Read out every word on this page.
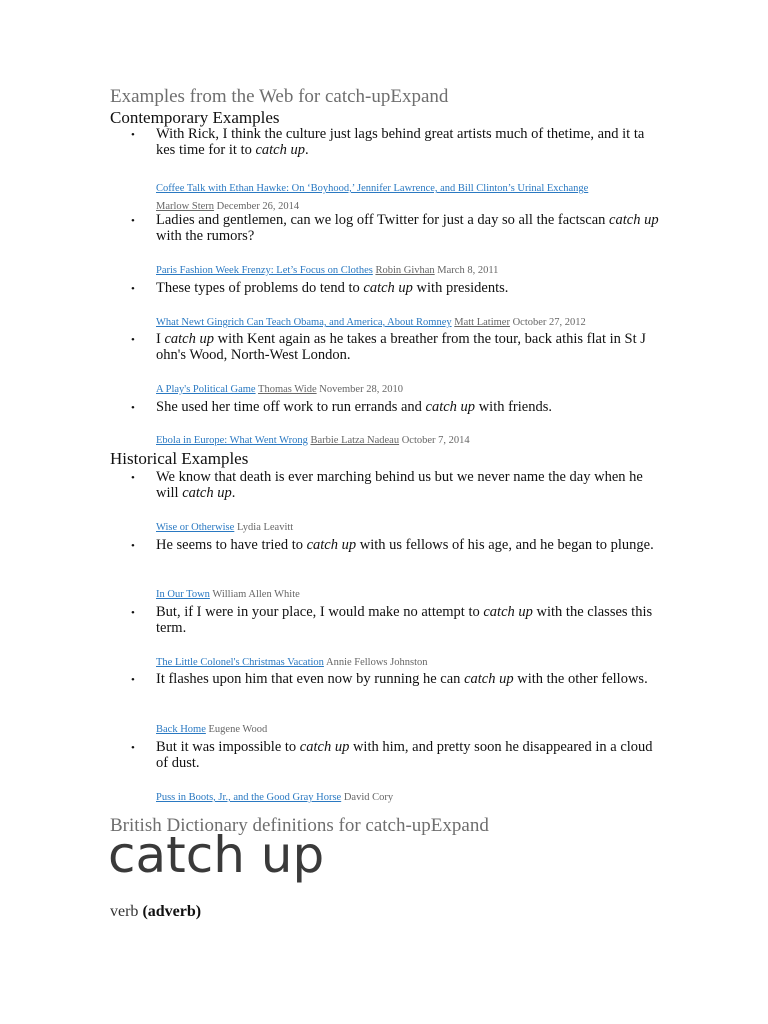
Examples from the Web for catch-upExpand
Contemporary Examples
• With Rick, I think the culture just lags behind great artists much of thetime, and it ta kes time for it to catch up.
Coffee Talk with Ethan Hawke: On ‘Boyhood,’ Jennifer Lawrence, and Bill Clinton’s Urinal Exchange Marlow Stern December 26, 2014
• Ladies and gentlemen, can we log off Twitter for just a day so all the factscan catch up with the rumors?
Paris Fashion Week Frenzy: Let’s Focus on Clothes Robin Givhan March 8, 2011
• These types of problems do tend to catch up with presidents.
What Newt Gingrich Can Teach Obama, and America, About Romney Matt Latimer October 27, 2012
• I catch up with Kent again as he takes a breather from the tour, back athis flat in St J ohn's Wood, North-West London.
A Play's Political Game Thomas Wide November 28, 2010
• She used her time off work to run errands and catch up with friends.
Ebola in Europe: What Went Wrong Barbie Latza Nadeau October 7, 2014
Historical Examples
• We know that death is ever marching behind us but we never name the day when he will catch up.
Wise or Otherwise Lydia Leavitt
• He seems to have tried to catch up with us fellows of his age, and he began to plunge.
In Our Town William Allen White
• But, if I were in your place, I would make no attempt to catch up with the classes this term.
The Little Colonel's Christmas Vacation Annie Fellows Johnston
• It flashes upon him that even now by running he can catch up with the other fellows.
Back Home Eugene Wood
• But it was impossible to catch up with him, and pretty soon he disappeared in a cloud of dust.
Puss in Boots, Jr., and the Good Gray Horse David Cory
British Dictionary definitions for catch-upExpand
catch up
verb (adverb)
